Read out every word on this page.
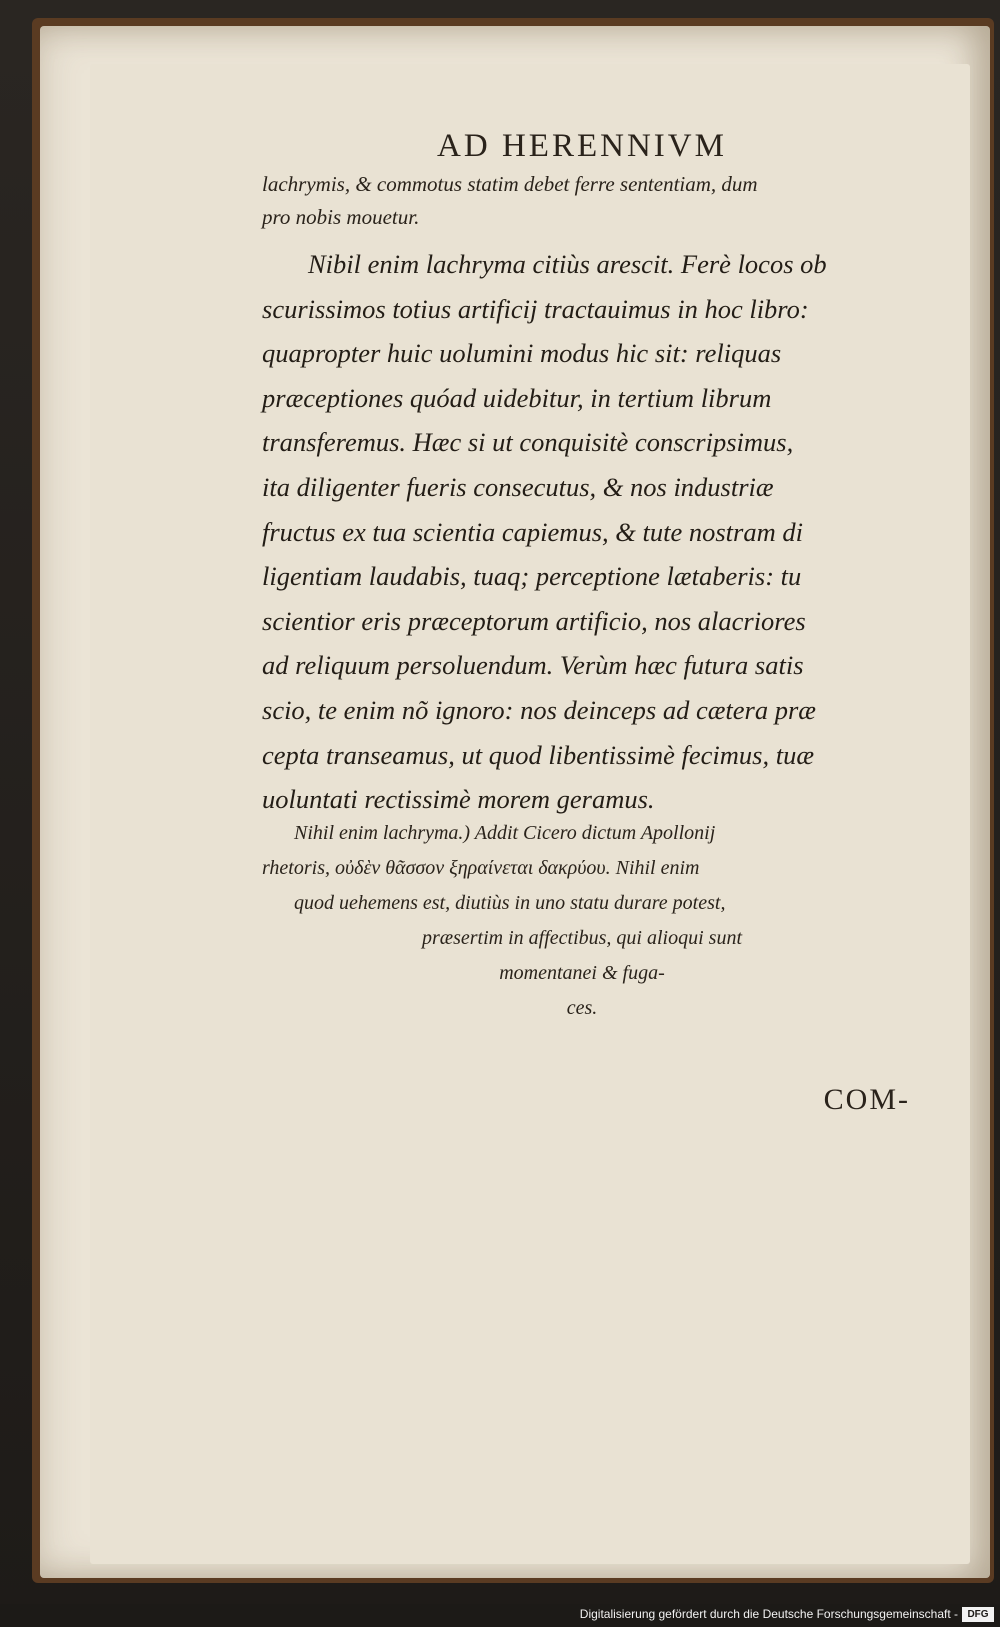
AD HERENNIVM
lachrymis, & commotus statim debet ferre sententiam, dum
pro nobis mouetur.
Nibil enim lachryma citiùs arescit. Ferè locos ob
scurissimos totius artificij tractauimus in hoc libro:
quapropter huic uolumini modus hic sit: reliquas
præceptiones quóad uidebitur, in tertium librum
transferemus. Hæc si ut conquisitè conscripsimus,
ita diligenter fueris consecutus, & nos industriæ
fructus ex tua scientia capiemus, & tute nostram di
ligentiam laudabis, tuaq; perceptione lætaberis: tu
scientior eris præceptorum artificio, nos alacriores
ad reliquum persoluendum. Verùm hæc futura satis
scio, te enim nõ ignoro: nos deinceps ad cætera præ
cepta transeamus, ut quod libentissimè fecimus, tuæ
uoluntati rectissimè morem geramus.
Nihil enim lachryma.) Addit Cicero dictum Apollonij
rhetoris, οὐδὲν θᾶσσον ξηραίνεται δακρύου. Nihil enim
quod uehemens est, diutiùs in uno statu durare potest,
præsertim in affectibus, qui alioqui sunt
momentanei & fuga-
ces.
COM-
Digitalisierung gefördert durch die Deutsche Forschungsgemeinschaft - DFG
